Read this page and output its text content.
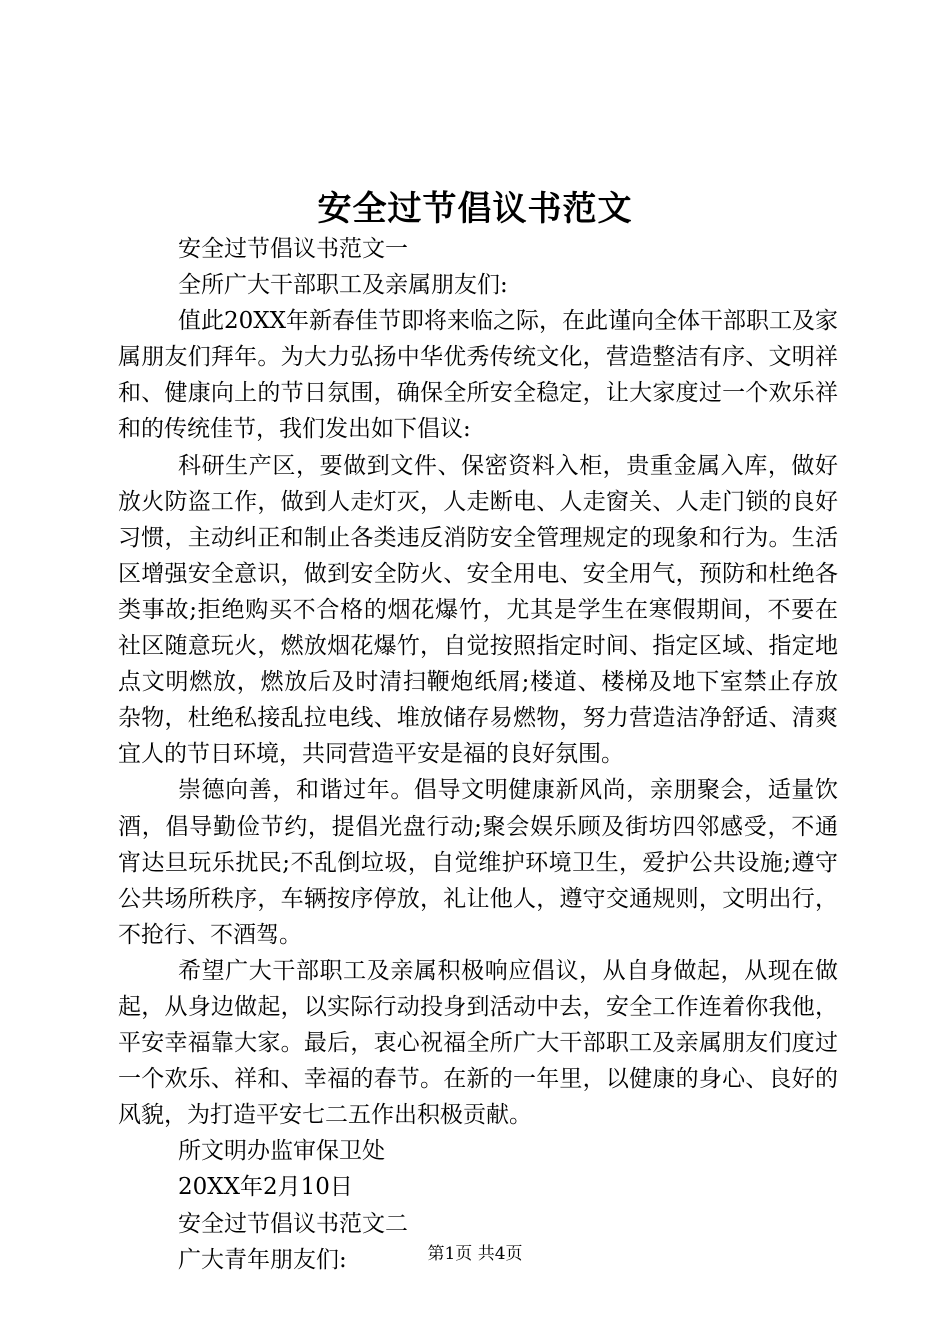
安全过节倡议书范文

安全过节倡议书范文一

全所广大干部职工及亲属朋友们:

值此20XX年新春佳节即将来临之际，在此谨向全体干部职工及家属朋友们拜年。为大力弘扬中华优秀传统文化，营造整洁有序、文明祥和、健康向上的节日氛围，确保全所安全稳定，让大家度过一个欢乐祥和的传统佳节，我们发出如下倡议:

科研生产区，要做到文件、保密资料入柜，贵重金属入库，做好放火防盗工作，做到人走灯灭，人走断电、人走窗关、人走门锁的良好习惯，主动纠正和制止各类违反消防安全管理规定的现象和行为。生活区增强安全意识，做到安全防火、安全用电、安全用气，预防和杜绝各类事故;拒绝购买不合格的烟花爆竹，尤其是学生在寒假期间，不要在社区随意玩火，燃放烟花爆竹，自觉按照指定时间、指定区域、指定地点文明燃放，燃放后及时清扫鞭炮纸屑;楼道、楼梯及地下室禁止存放杂物，杜绝私接乱拉电线、堆放储存易燃物，努力营造洁净舒适、清爽宜人的节日环境，共同营造平安是福的良好氛围。

崇德向善，和谐过年。倡导文明健康新风尚，亲朋聚会，适量饮酒，倡导勤俭节约，提倡光盘行动;聚会娱乐顾及街坊四邻感受，不通宵达旦玩乐扰民;不乱倒垃圾，自觉维护环境卫生，爱护公共设施;遵守公共场所秩序，车辆按序停放，礼让他人，遵守交通规则，文明出行，不抢行、不酒驾。

希望广大干部职工及亲属积极响应倡议，从自身做起，从现在做起，从身边做起，以实际行动投身到活动中去，安全工作连着你我他，平安幸福靠大家。最后，衷心祝福全所广大干部职工及亲属朋友们度过一个欢乐、祥和、幸福的春节。在新的一年里，以健康的身心、良好的风貌，为打造平安七二五作出积极贡献。

所文明办监审保卫处

20XX年2月10日

安全过节倡议书范文二

广大青年朋友们:	第1页 共4页
